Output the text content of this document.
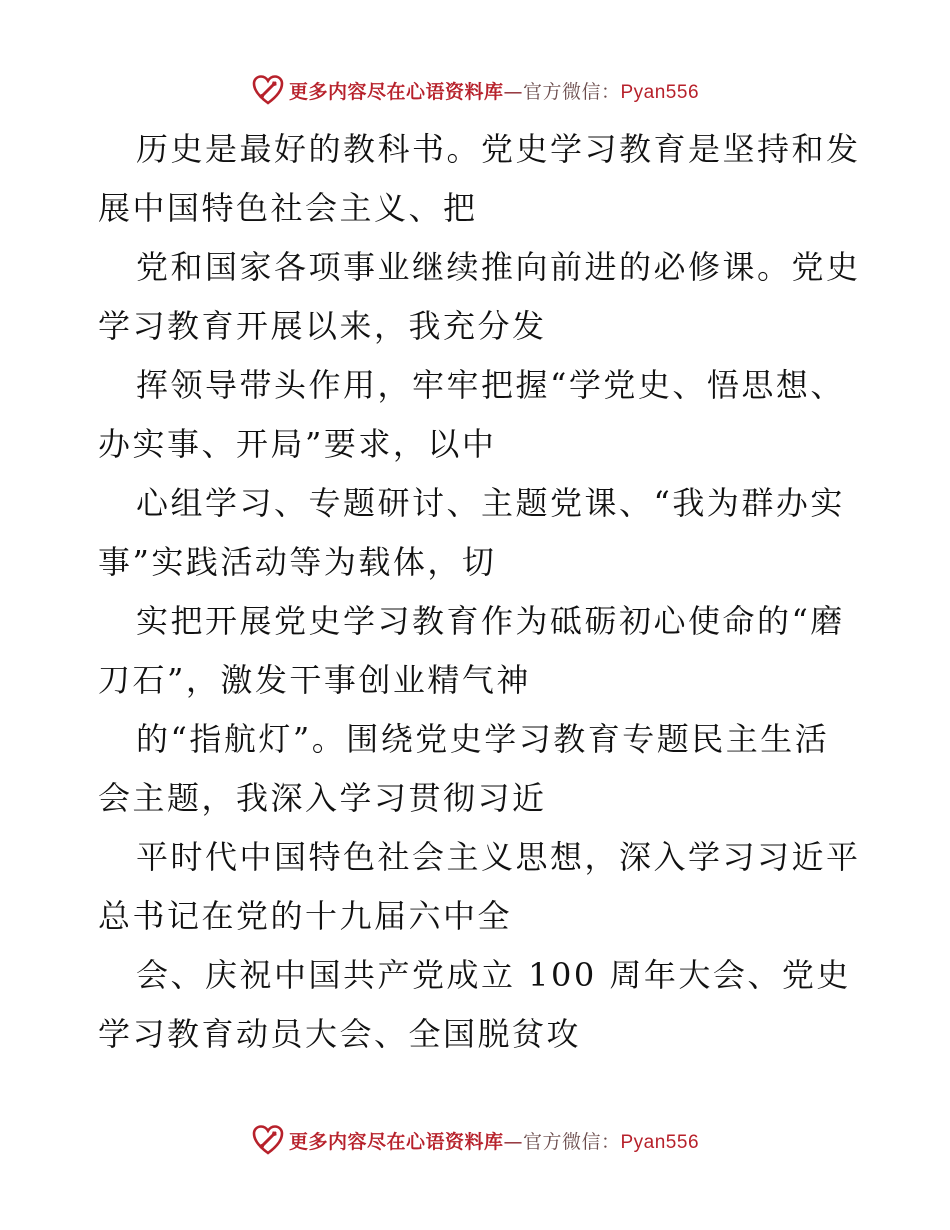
更多内容尽在心语资料库—官方微信：Pyan556

历史是最好的教科书。党史学习教育是坚持和发
展中国特色社会主义、把

党和国家各项事业继续推向前进的必修课。党史
学习教育开展以来，我充分发

挥领导带头作用，牢牢把握“学党史、悟思想、
办实事、开局”要求，以中

心组学习、专题研讨、主题党课、“我为群办实
事”实践活动等为载体，切

实把开展党史学习教育作为砥砺初心使命的“磨
刀石”，激发干事创业精气神

的“指航灯”。围绕党史学习教育专题民主生活
会主题，我深入学习贯彻习近

平时代中国特色社会主义思想，深入学习习近平
总书记在党的十九届六中全

会、庆祝中国共产党成立 100 周年大会、党史
学习教育动员大会、全国脱贫攻

更多内容尽在心语资料库—官方微信：Pyan556
